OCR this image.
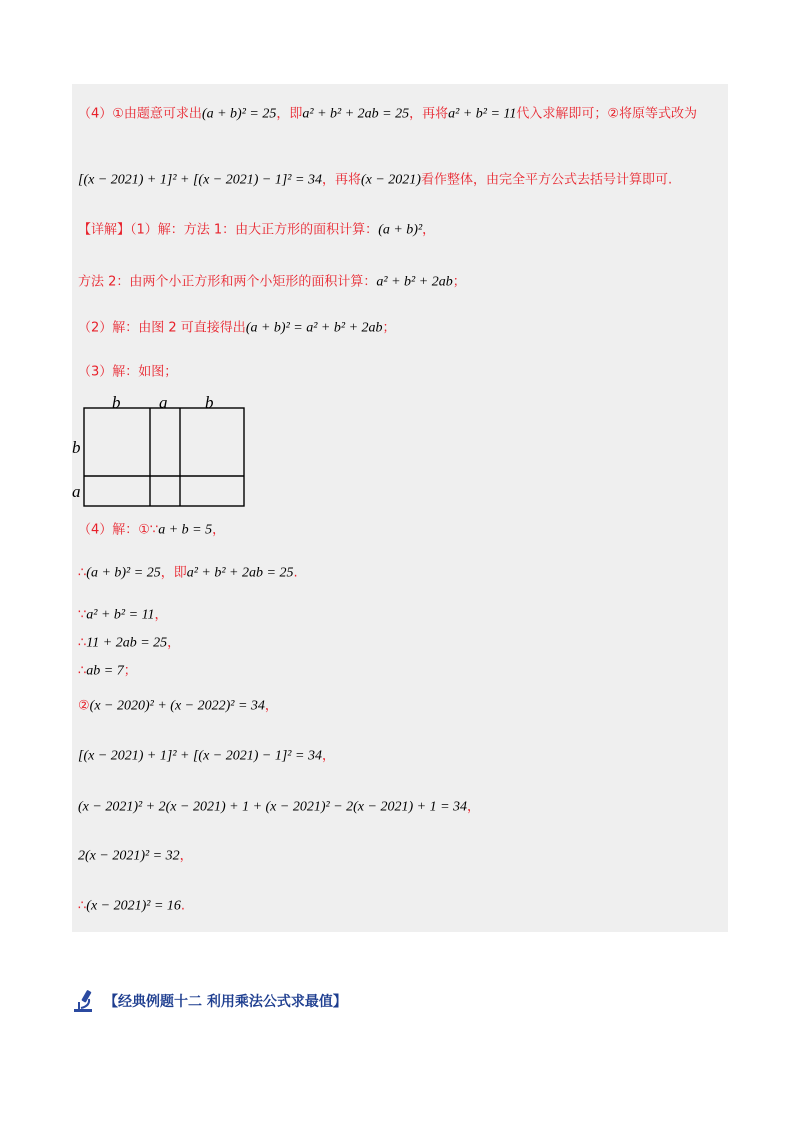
（4）①由题意可求出(a + b)² = 25，即a² + b² + 2ab = 25，再将a² + b² = 11代入求解即可；②将原等式改为
[(x − 2021) + 1]² + [(x − 2021) − 1]² = 34，再将(x − 2021)看作整体，由完全平方公式去括号计算即可.
【详解】（1）解：方法 1：由大正方形的面积计算：(a + b)²，
方法 2：由两个小正方形和两个小矩形的面积计算：a² + b² + 2ab；
（2）解：由图 2 可直接得出(a + b)² = a² + b² + 2ab；
（3）解：如图；
（4）解：①∵a + b = 5，
∴(a + b)² = 25，即a² + b² + 2ab = 25.
∵a² + b² = 11，
∴11 + 2ab = 25，
∴ab = 7；
②(x − 2020)² + (x − 2022)² = 34，
[(x − 2021) + 1]² + [(x − 2021) − 1]² = 34，
(x − 2021)² + 2(x − 2021) + 1 + (x − 2021)² − 2(x − 2021) + 1 = 34，
2(x − 2021)² = 32，
∴(x − 2021)² = 16.
b a b
b
a
【经典例题十二 利用乘法公式求最值】
